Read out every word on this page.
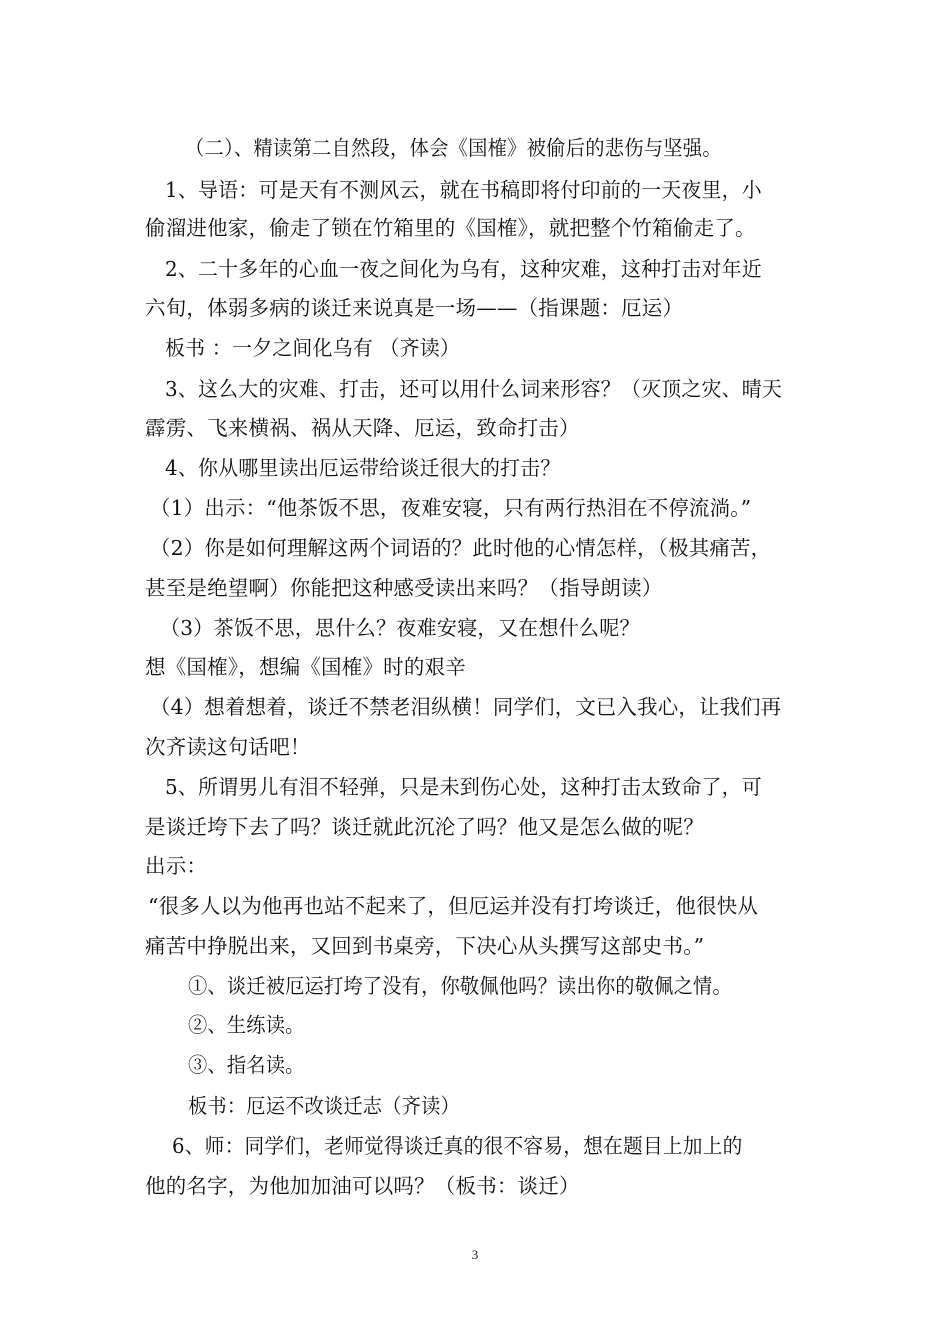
（二）、精读第二自然段，体会《国榷》被偷后的悲伤与坚强。
1、导语：可是天有不测风云，就在书稿即将付印前的一天夜里，小
偷溜进他家，偷走了锁在竹箱里的《国榷》，就把整个竹箱偷走了。
2、二十多年的心血一夜之间化为乌有，这种灾难，这种打击对年近
六旬，体弱多病的谈迁来说真是一场——（指课题：厄运）
板书 ：一夕之间化乌有 （齐读）
3、这么大的灾难、打击，还可以用什么词来形容？（灭顶之灾、晴天
霹雳、飞来横祸、祸从天降、厄运，致命打击）
4、你从哪里读出厄运带给谈迁很大的打击？
（1）出示：“他茶饭不思，夜难安寝，只有两行热泪在不停流淌。”
（2）你是如何理解这两个词语的？此时他的心情怎样，（极其痛苦，
甚至是绝望啊）你能把这种感受读出来吗？（指导朗读）
（3）茶饭不思，思什么？夜难安寝，又在想什么呢？
想《国榷》，想编《国榷》时的艰辛
（4）想着想着，谈迁不禁老泪纵横！同学们，文已入我心，让我们再
次齐读这句话吧！
5、所谓男儿有泪不轻弹，只是未到伤心处，这种打击太致命了，可
是谈迁垮下去了吗？谈迁就此沉沦了吗？他又是怎么做的呢？
出示：
“很多人以为他再也站不起来了，但厄运并没有打垮谈迁，他很快从
痛苦中挣脱出来，又回到书桌旁，下决心从头撰写这部史书。”
①、谈迁被厄运打垮了没有，你敬佩他吗？读出你的敬佩之情。
②、生练读。
③、指名读。
板书：厄运不改谈迁志（齐读）
6、师：同学们，老师觉得谈迁真的很不容易，想在题目上加上的
他的名字，为他加加油可以吗？（板书：谈迁）
3
